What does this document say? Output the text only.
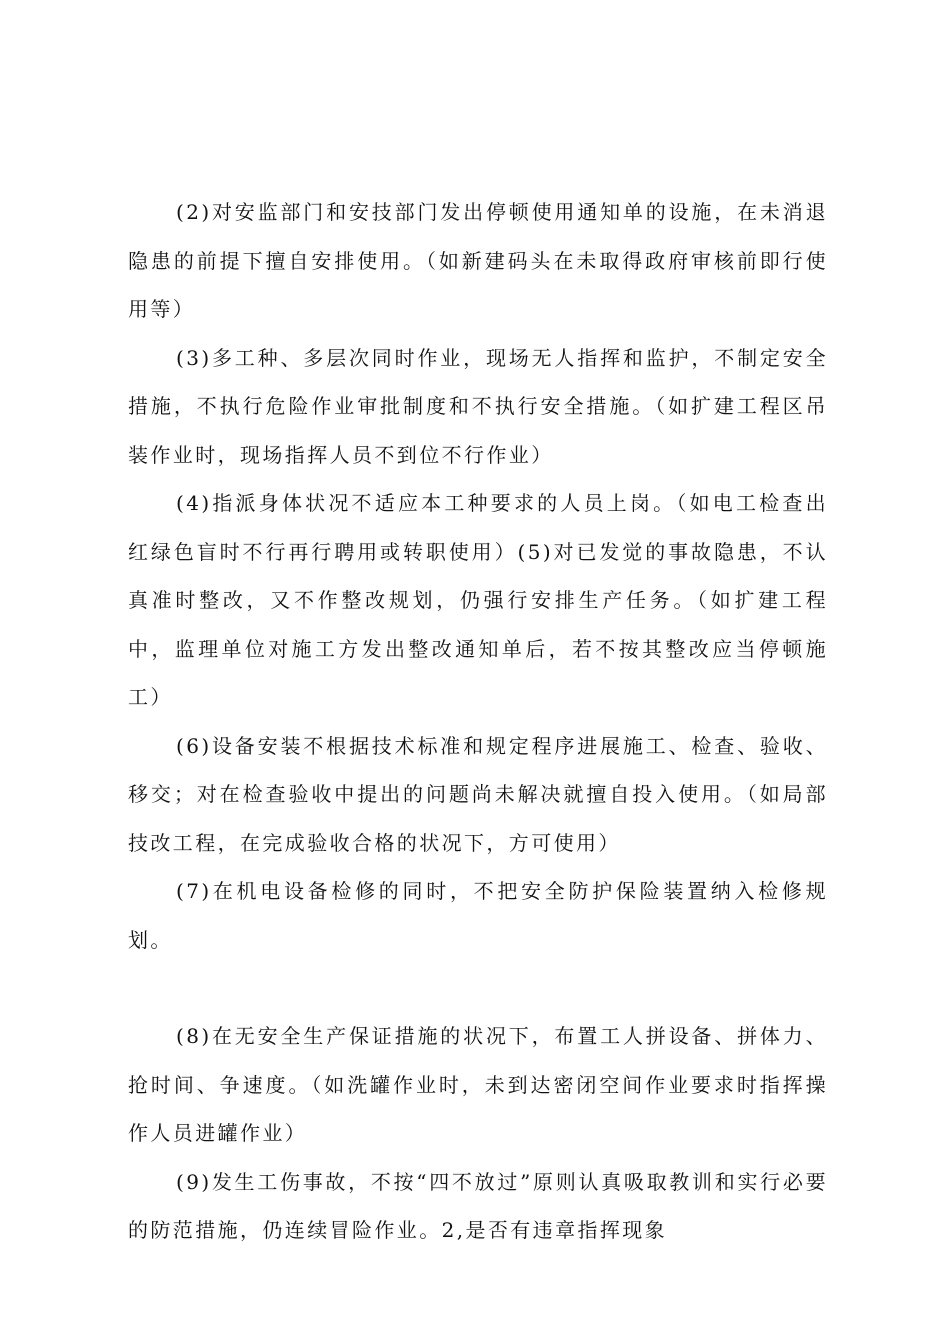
(2)对安监部门和安技部门发出停顿使用通知单的设施，在未消退隐患的前提下擅自安排使用。（如新建码头在未取得政府审核前即行使用等）

(3)多工种、多层次同时作业，现场无人指挥和监护，不制定安全措施，不执行危险作业审批制度和不执行安全措施。（如扩建工程区吊装作业时，现场指挥人员不到位不行作业）

(4)指派身体状况不适应本工种要求的人员上岗。（如电工检查出红绿色盲时不行再行聘用或转职使用）(5)对已发觉的事故隐患，不认真准时整改，又不作整改规划，仍强行安排生产任务。（如扩建工程中，监理单位对施工方发出整改通知单后，若不按其整改应当停顿施工）

(6)设备安装不根据技术标准和规定程序进展施工、检查、验收、移交；对在检查验收中提出的问题尚未解决就擅自投入使用。（如局部技改工程，在完成验收合格的状况下，方可使用）

(7)在机电设备检修的同时，不把安全防护保险装置纳入检修规划。

(8)在无安全生产保证措施的状况下，布置工人拼设备、拼体力、抢时间、争速度。（如洗罐作业时，未到达密闭空间作业要求时指挥操作人员进罐作业）

(9)发生工伤事故，不按“四不放过”原则认真吸取教训和实行必要的防范措施，仍连续冒险作业。2,是否有违章指挥现象
